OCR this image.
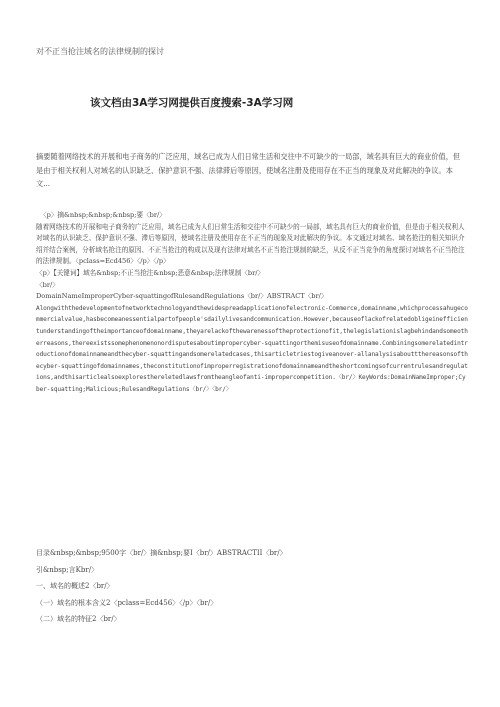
对不正当抢注域名的法律规制的探讨
该文档由3A学习网提供百度搜索-3A学习网
摘要随着网络技术的开展和电子商务的广泛应用，域名已成为人们日常生活和交往中不可缺少的一局部，域名具有巨大的商业价值，但是由于相关权利人对域名的认识缺乏、保护意识不强、法律滞后等原因，使域名注册及使用存在不正当的现象及对此解决的争议。本文...

〈p〉摘&nbsp;&nbsp;&nbsp;要〈br/〉

随着网络技术的开展和电子商务的广泛应用，域名已成为人们日常生活和交往中不可缺少的一局部，域名具有巨大的商业价值，但是由于相关权利人对域名的认识缺乏、保护意识不强、滞后等原因，使域名注册及使用存在不正当的现象及对此解决的争议。本文通过对域名、域名抢注的相关知识介绍并结合案例，分析域名抢注的原因、不正当抢注的构成以及现有法律对域名不正当抢注规制的缺乏，从反不正当竞争的角度探讨对域名不正当抢注的法律规制。〈pclass=Ecd456〉〈/p〉〈/p〉

〈p〉【关键词】域名&nbsp;不正当抢注&nbsp;恶意&nbsp;法律规制〈br/〉

〈br/〉

DomainNameImproperCyber-squattingofRulesandRegulations〈br/〉ABSTRACT〈br/〉

Alongwiththedevelopmentofnetworktechnologyandthewidespreadapplicationofelectronic-Commerce,domainname,whichprocessahugecommercialvalue,hasbecomeanessentialpartofpeople'sdailylivesandcommunication.However,becauseoflackofrelatedobligeinefficientunderstandingoftheimportanceofdomainname,theyarelackofthewarenessoftheprotectionofit,thelegislationislagbehindandsomeotherreasons,thereexistssomephenomenonordisputesaboutimpropercyber-squattingorthemisuseofdomainname.Combiningsomerelatedintroductionofdomainnameandthecyber-squattingandsomerelatedcases,thisarticletriestogiveanover-allanalysisabouttthereasonsofthecyber-squattingofdomainnames,theconstitutionofimproperregistrationofdomainnameandtheshortcomingsofcurrentrulesandregulations,andthisarticlealsoexploresthereletedlawsfromtheangleofanti-impropercompetition.〈br/〉KeyWords:DomainNameImproper;Cyber-squatting;Malicious;RulesandRegulations〈br/〉〈br/〉

目录&nbsp;&nbsp;9500字〈br/〉摘&nbsp;要I〈br/〉ABSTRACTII〈br/〉

引&nbsp;言Kbr/〉

一、域名的概述2〈br/〉

（一）域名的根本含义2〈pclass=Ecd456〉〈/p〉〈br/〉

（二）域名的特征2〈br/〉
